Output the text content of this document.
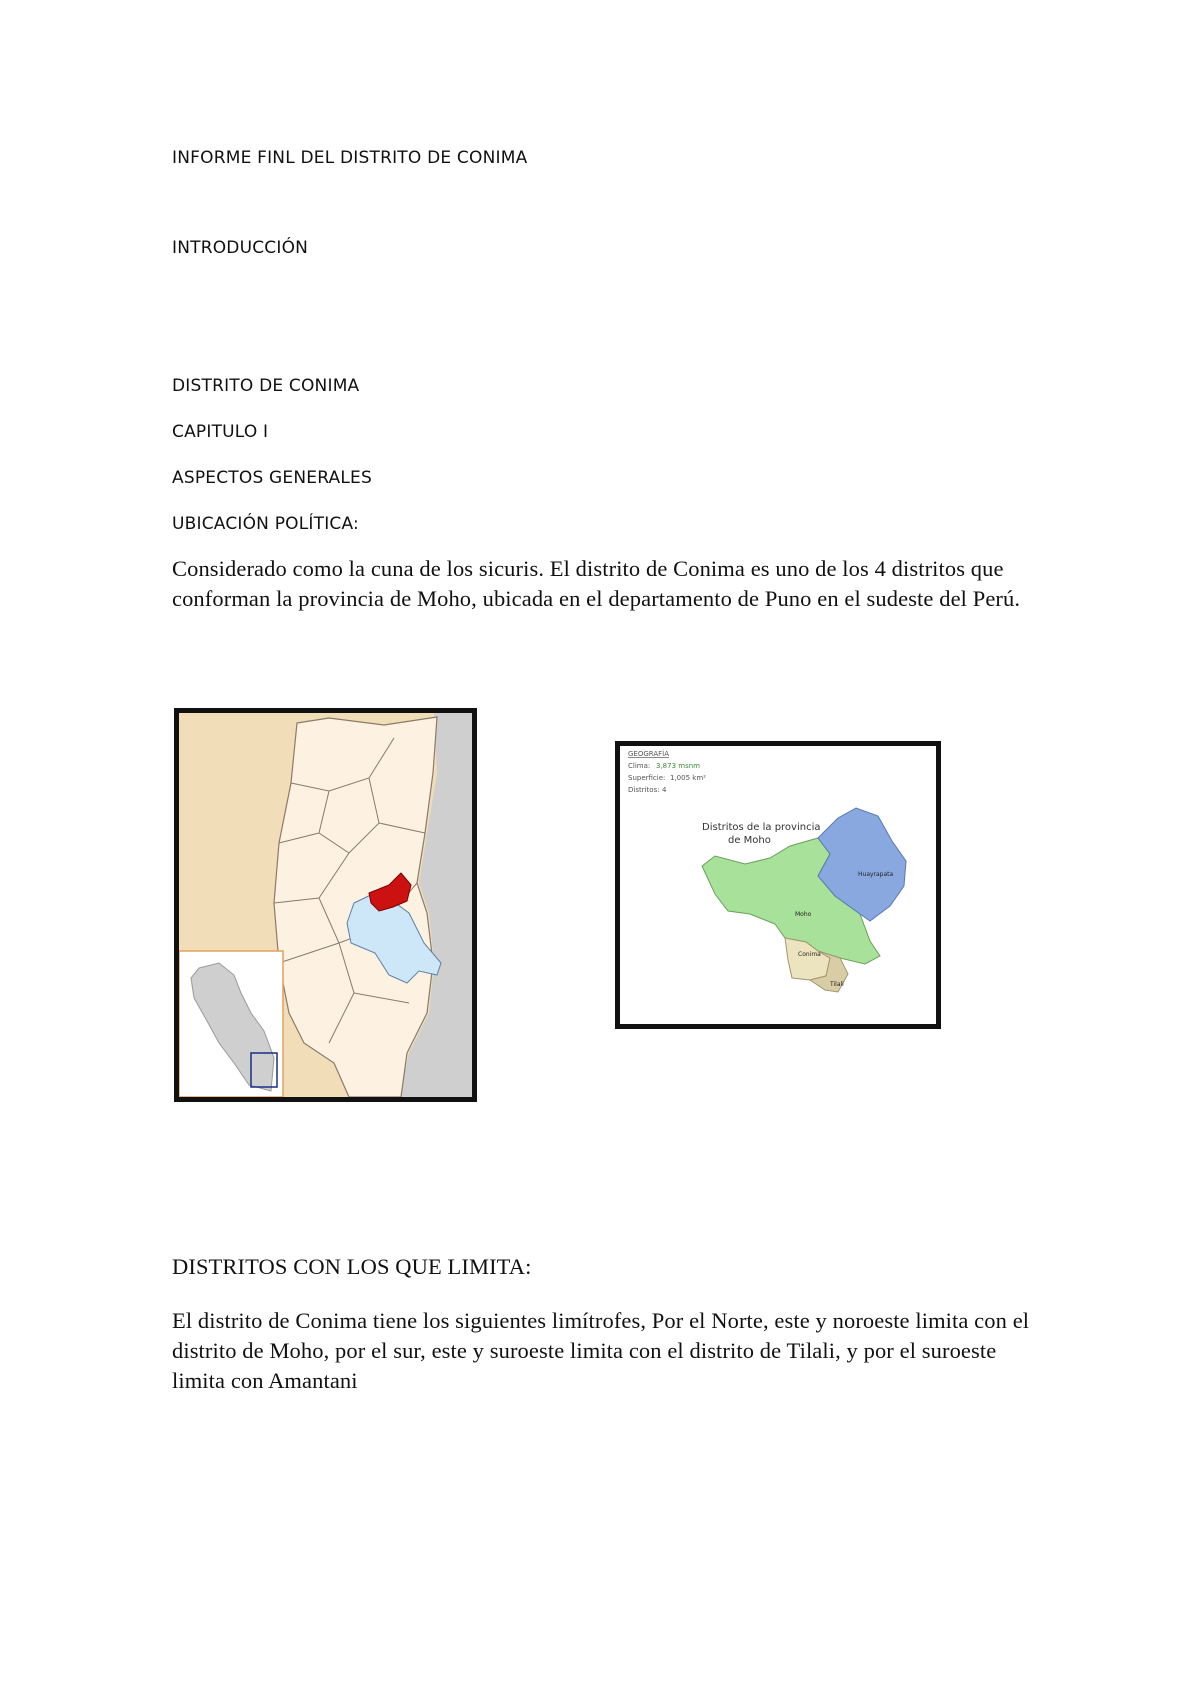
INFORME FINL DEL DISTRITO DE CONIMA
INTRODUCCIÓN
DISTRITO DE CONIMA
CAPITULO I
ASPECTOS GENERALES
UBICACIÓN POLÍTICA:
Considerado como la cuna de los sicuris. El distrito de Conima es uno de los 4 distritos que conforman la provincia de Moho, ubicada en el departamento de Puno en el sudeste del Perú.
GEOGRAFÍA
Clima: 3,873 msnm
Superficie: 1,005 km²
Distritos: 4
Distritos de la provincia
de Moho
Huayrapata
Moho
Conima
Tilali
DISTRITOS CON LOS QUE LIMITA:
El distrito de Conima tiene los siguientes limítrofes, Por el Norte, este y noroeste limita con el distrito de Moho, por el sur, este y suroeste limita con el distrito de Tilali, y por el suroeste limita con Amantani
